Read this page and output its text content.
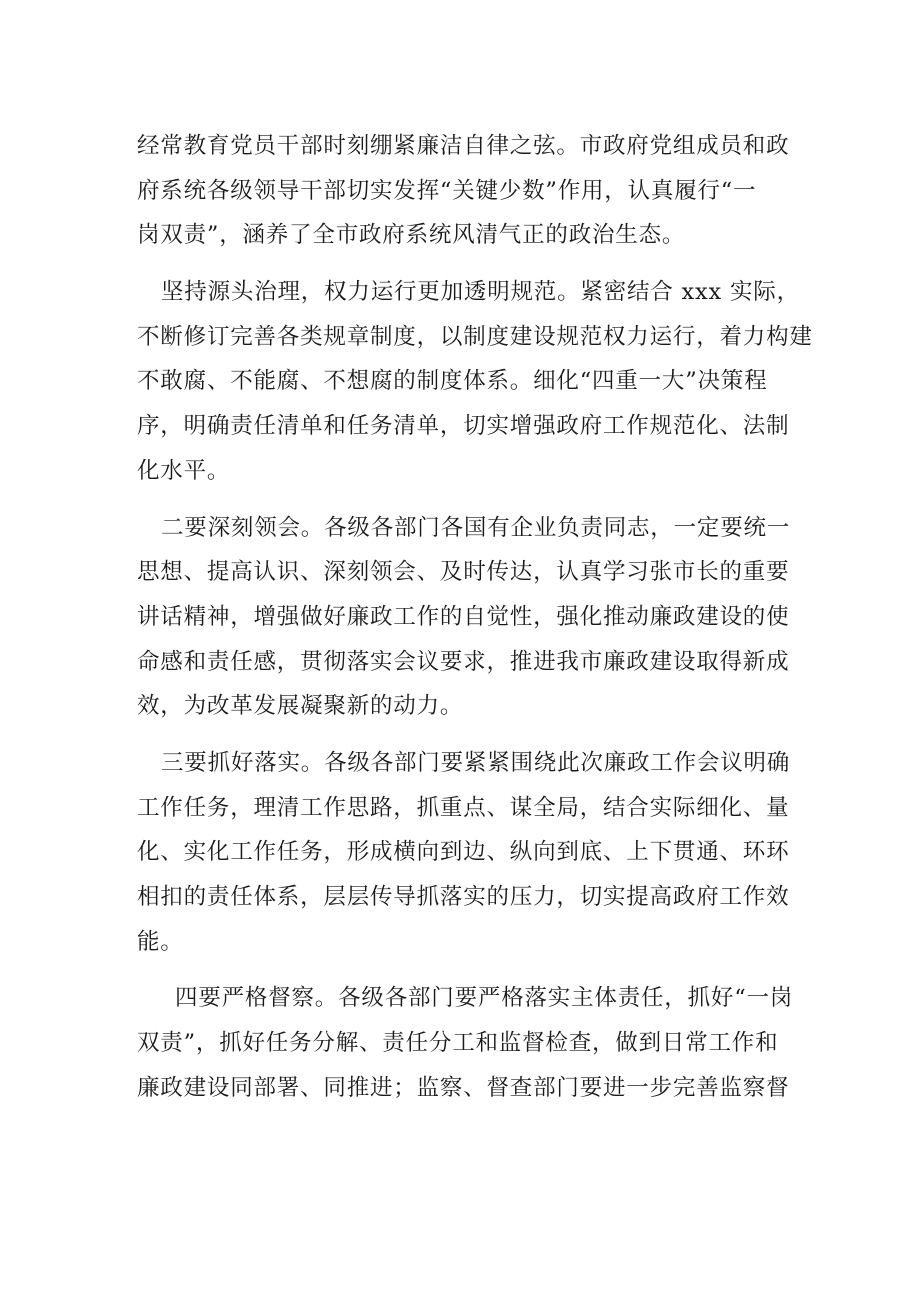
经常教育党员干部时刻绷紧廉洁自律之弦。市政府党组成员和政
府系统各级领导干部切实发挥“关键少数”作用，认真履行“一
岗双责”，涵养了全市政府系统风清气正的政治生态。
坚持源头治理，权力运行更加透明规范。紧密结合 xxx 实际，
不断修订完善各类规章制度，以制度建设规范权力运行，着力构建
不敢腐、不能腐、不想腐的制度体系。细化“四重一大”决策程
序，明确责任清单和任务清单，切实增强政府工作规范化、法制
化水平。
二要深刻领会。各级各部门各国有企业负责同志，一定要统一
思想、提高认识、深刻领会、及时传达，认真学习张市长的重要
讲话精神，增强做好廉政工作的自觉性，强化推动廉政建设的使
命感和责任感，贯彻落实会议要求，推进我市廉政建设取得新成
效，为改革发展凝聚新的动力。
三要抓好落实。各级各部门要紧紧围绕此次廉政工作会议明确
工作任务，理清工作思路，抓重点、谋全局，结合实际细化、量
化、实化工作任务，形成横向到边、纵向到底、上下贯通、环环
相扣的责任体系，层层传导抓落实的压力，切实提高政府工作效
能。
四要严格督察。各级各部门要严格落实主体责任，抓好“一岗
双责”，抓好任务分解、责任分工和监督检查，做到日常工作和
廉政建设同部署、同推进；监察、督查部门要进一步完善监察督
